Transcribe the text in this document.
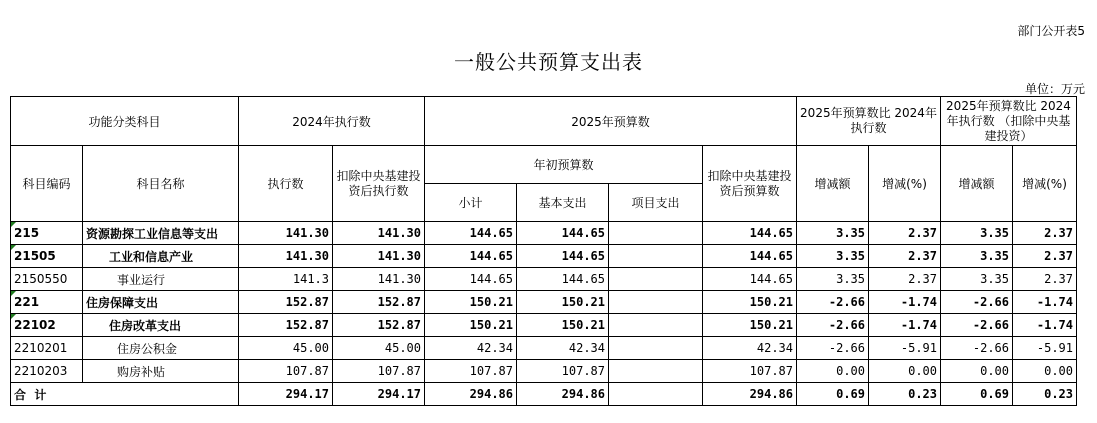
部门公开表5
一般公共预算支出表
单位：万元
功能分类科目		2024年执行数		2025年预算数				2025年预算数比 2024年执行数		2025年预算数比 2024年执行数 （扣除中央基建投资）	
科目编码	科目名称	执行数	扣除中央基建投资后执行数	年初预算数			扣除中央基建投资后预算数	增减额	增减(%)	增减额	增减(%)
				小计	基本支出	项目支出					

215	资源勘探工业信息等支出	141.30	141.30	144.65	144.65		144.65	3.35	2.37	3.35	2.37

21505	工业和信息产业	141.30	141.30	144.65	144.65		144.65	3.35	2.37	3.35	2.37
2150550	事业运行	141.3	141.30	144.65	144.65		144.65	3.35	2.37	3.35	2.37

221	住房保障支出	152.87	152.87	150.21	150.21		150.21	-2.66	-1.74	-2.66	-1.74

22102	住房改革支出	152.87	152.87	150.21	150.21		150.21	-2.66	-1.74	-2.66	-1.74
2210201	住房公积金	45.00	45.00	42.34	42.34		42.34	-2.66	-5.91	-2.66	-5.91
2210203	购房补贴	107.87	107.87	107.87	107.87		107.87	0.00	0.00	0.00	0.00
合  计		294.17	294.17	294.86	294.86		294.86	0.69	0.23	0.69	0.23
